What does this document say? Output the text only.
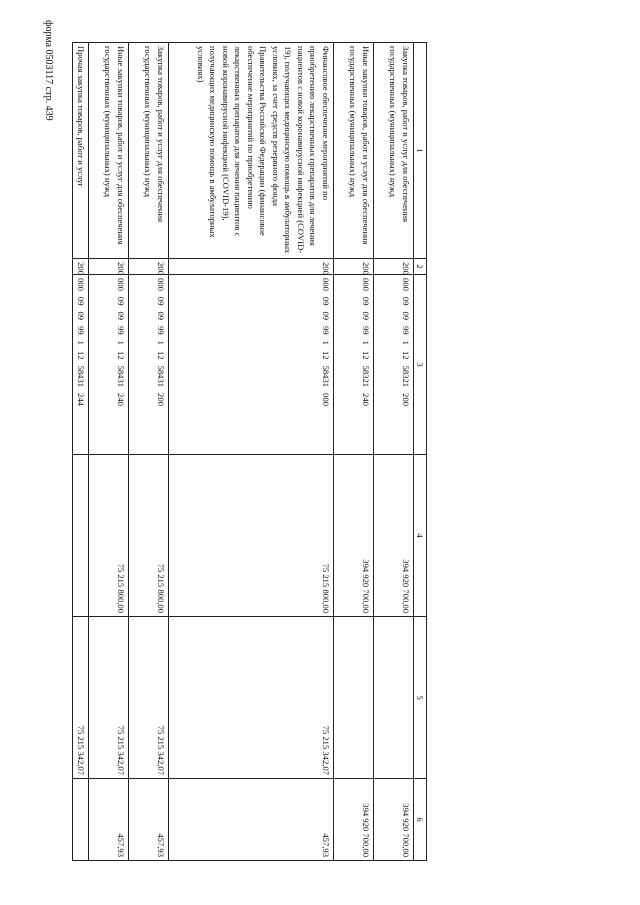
форма 0503117 стр. 439
1	2	3	4	5	6
Закупка товаров, работ и услуг для обеспечения государственных (муниципальных) нужд	200	00009099911258321200	394 920 700,00		394 920 700,00
Иные закупки товаров, работ и услуг для обеспечения государственных (муниципальных) нужд	200	00009099911258321240	394 920 700,00		394 920 700,00
Финансовое обеспечение мероприятий по приобретению лекарственных препаратов для лечения пациентов с новой коронавирусной инфекцией (COVID-19), получающих медицинскую помощь в амбулаторных условиях, за счет средств резервного фонда Правительства Российской Федерации (финансовое обеспечение мероприятий по приобретению лекарственных препаратов для лечения пациентов с новой коронавирусной инфекцией (COVID-19), получающих медицинскую помощь в амбулаторных условиях)	200	00009099911258431000	75 215 800,00	75 215 342,07	457,93
Закупка товаров, работ и услуг для обеспечения государственных (муниципальных) нужд	200	00009099911258431200	75 215 800,00	75 215 342,07	457,93
Иные закупки товаров, работ и услуг для обеспечения государственных (муниципальных) нужд	200	00009099911258431240	75 215 800,00	75 215 342,07	457,93
Прочая закупка товаров, работ и услуг	200	00009099911258431244		75 215 342,07	
